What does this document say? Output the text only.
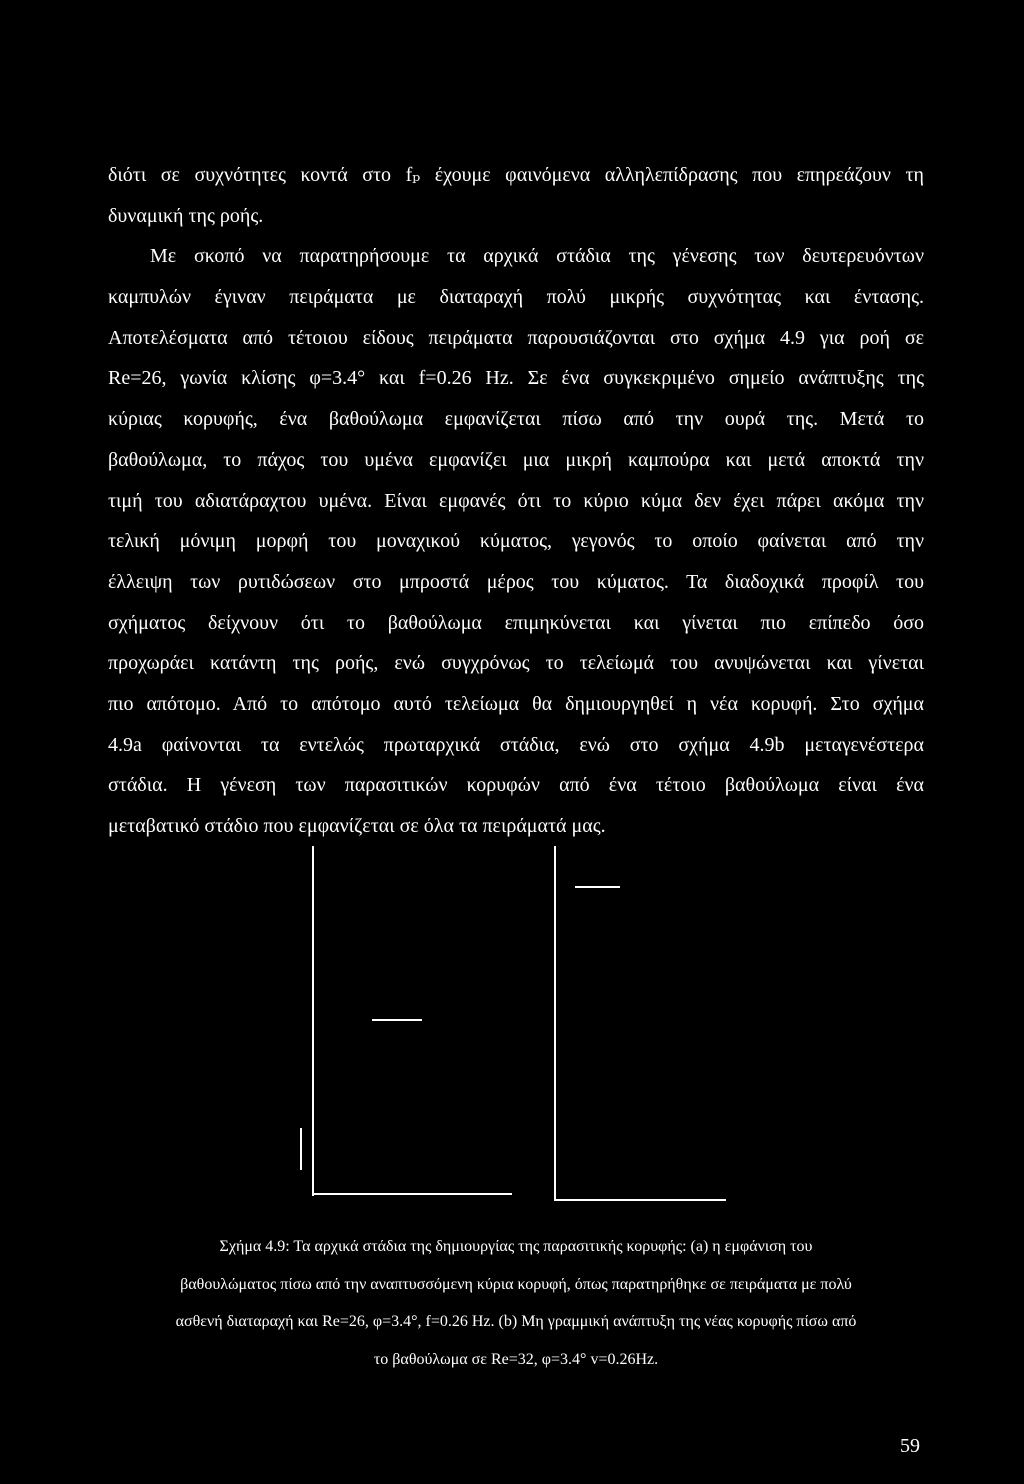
διότι σε συχνότητες κοντά στο fₚ έχουμε φαινόμενα αλληλεπίδρασης που επηρεάζουν τη
δυναμική της ροής.
Με σκοπό να παρατηρήσουμε τα αρχικά στάδια της γένεσης των δευτερευόντων
καμπυλών έγιναν πειράματα με διαταραχή πολύ μικρής συχνότητας και έντασης.
Αποτελέσματα από τέτοιου είδους πειράματα παρουσιάζονται στο σχήμα 4.9 για ροή σε
Re=26, γωνία κλίσης φ=3.4° και f=0.26 Hz. Σε ένα συγκεκριμένο σημείο ανάπτυξης της
κύριας κορυφής, ένα βαθούλωμα εμφανίζεται πίσω από την ουρά της. Μετά το
βαθούλωμα, το πάχος του υμένα εμφανίζει μια μικρή καμπούρα και μετά αποκτά την
τιμή του αδιατάραχτου υμένα. Είναι εμφανές ότι το κύριο κύμα δεν έχει πάρει ακόμα την
τελική μόνιμη μορφή του μοναχικού κύματος, γεγονός το οποίο φαίνεται από την
έλλειψη των ρυτιδώσεων στο μπροστά μέρος του κύματος. Τα διαδοχικά προφίλ του
σχήματος δείχνουν ότι το βαθούλωμα επιμηκύνεται και γίνεται πιο επίπεδο όσο
προχωράει κατάντη της ροής, ενώ συγχρόνως το τελείωμά του ανυψώνεται και γίνεται
πιο απότομο. Από το απότομο αυτό τελείωμα θα δημιουργηθεί η νέα κορυφή. Στο σχήμα
4.9a φαίνονται τα εντελώς πρωταρχικά στάδια, ενώ στο σχήμα 4.9b μεταγενέστερα
στάδια. Η γένεση των παρασιτικών κορυφών από ένα τέτοιο βαθούλωμα είναι ένα
μεταβατικό στάδιο που εμφανίζεται σε όλα τα πειράματά μας.
Σχήμα 4.9: Τα αρχικά στάδια της δημιουργίας της παρασιτικής κορυφής: (a) η εμφάνιση του
βαθουλώματος πίσω από την αναπτυσσόμενη κύρια κορυφή, όπως παρατηρήθηκε σε πειράματα με πολύ
ασθενή διαταραχή και Re=26, φ=3.4°, f=0.26 Hz. (b) Μη γραμμική ανάπτυξη της νέας κορυφής πίσω από
το βαθούλωμα σε Re=32, φ=3.4° v=0.26Hz.
59
